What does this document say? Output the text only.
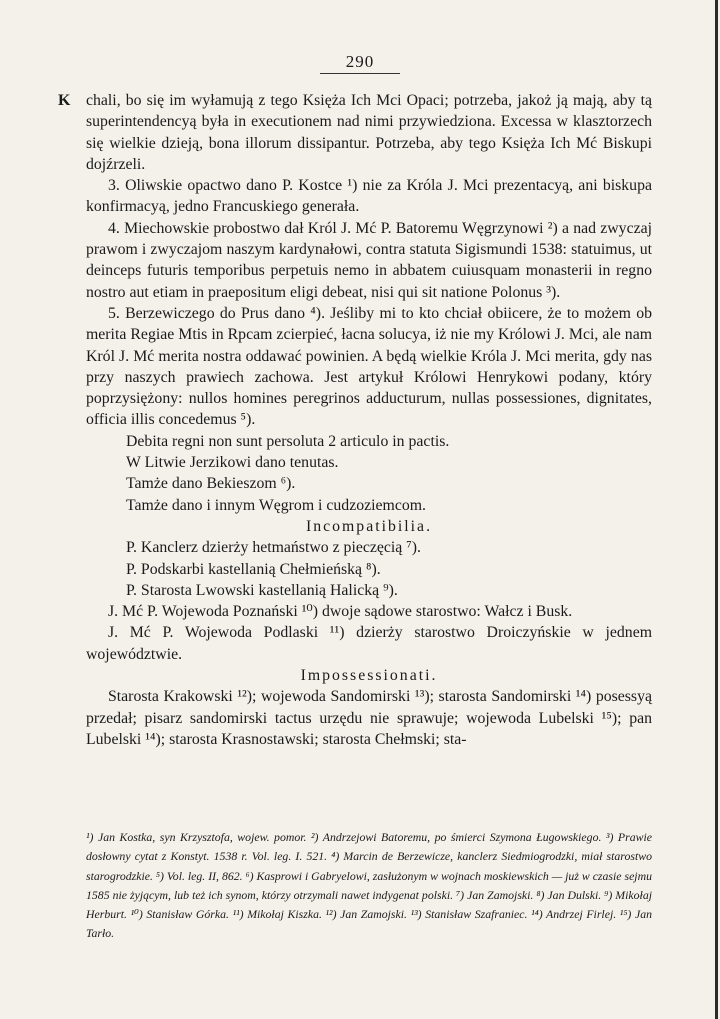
290
K chali, bo się im wyłamują z tego Księża Ich Mci Opaci; potrzeba, jakoż ją mają, aby tą superintendencyą była in executionem nad nimi przywiedziona. Excessa w klasztorzech się wielkie dzieją, bona illorum dissipantur. Potrzeba, aby tego Księża Ich Mć Biskupi dojźrzeli.

3. Oliwskie opactwo dano P. Kostce ¹) nie za Króla J. Mci prezentacyą, ani biskupa konfirmacyą, jedno Francuskiego generała.

4. Miechowskie probostwo dał Król J. Mć P. Batoremu Węgrzynowi ²) a nad zwyczaj prawom i zwyczajom naszym kardynałowi, contra statuta Sigismundi 1538: statuimus, ut deinceps futuris temporibus perpetuis nemo in abbatem cuiusquam monasterii in regno nostro aut etiam in praepositum eligi debeat, nisi qui sit natione Polonus ³).

5. Berzewiczego do Prus dano ⁴). Jeśliby mi to kto chciał obiicere, że to możem ob merita Regiae Mtis in Rpcam zcierpieć, łacna solucya, iż nie my Królowi J. Mci, ale nam Król J. Mć merita nostra oddawać powinien. A będą wielkie Króla J. Mci merita, gdy nas przy naszych prawiech zachowa. Jest artykuł Królowi Henrykowi podany, który poprzysiężony: nullos homines peregrinos adducturum, nullas possessiones, dignitates, officia illis concedemus ⁵).

Debita regni non sunt persoluta 2 articulo in pactis.

W Litwie Jerzikowi dano tenutas.

Tamże dano Bekieszom ⁶).

Tamże dano i innym Węgrom i cudzoziemcom.

Incompatibilia.

P. Kanclerz dzierży hetmaństwo z pieczęcią ⁷).

P. Podskarbi kastellanią Chełmieńską ⁸).

P. Starosta Lwowski kastellanią Halicką ⁹).

J. Mć P. Wojewoda Poznański ¹⁰) dwoje sądowe starostwo: Wałcz i Busk.

J. Mć P. Wojewoda Podlaski ¹¹) dzierży starostwo Droiczyńskie w jednem województwie.

Impossessionati.

Starosta Krakowski ¹²); wojewoda Sandomirski ¹³); starosta Sandomirski ¹⁴) posessyą przedał; pisarz sandomirski tactus urzędu nie sprawuje; wojewoda Lubelski ¹⁵); pan Lubelski ¹⁴); starosta Krasnostawski; starosta Chełmski; sta-

¹) Jan Kostka, syn Krzysztofa, wojew. pomor. ²) Andrzejowi Batoremu, po śmierci Szymona Ługowskiego. ³) Prawie dosłowny cytat z Konstyt. 1538 r. Vol. leg. I. 521. ⁴) Marcin de Berzewicze, kanclerz Siedmiogrodzki, miał starostwo starogrodzkie. ⁵) Vol. leg. II, 862. ⁶) Kasprowi i Gabryelowi, zasłużonym w wojnach moskiewskich — już w czasie sejmu 1585 nie żyjącym, lub też ich synom, którzy otrzymali nawet indygenat polski. ⁷) Jan Zamojski. ⁸) Jan Dulski. ⁹) Mikołaj Herburt. ¹⁰) Stanisław Górka. ¹¹) Mikołaj Kiszka. ¹²) Jan Zamojski. ¹³) Stanisław Szafraniec. ¹⁴) Andrzej Firlej. ¹⁵) Jan Tarło.
